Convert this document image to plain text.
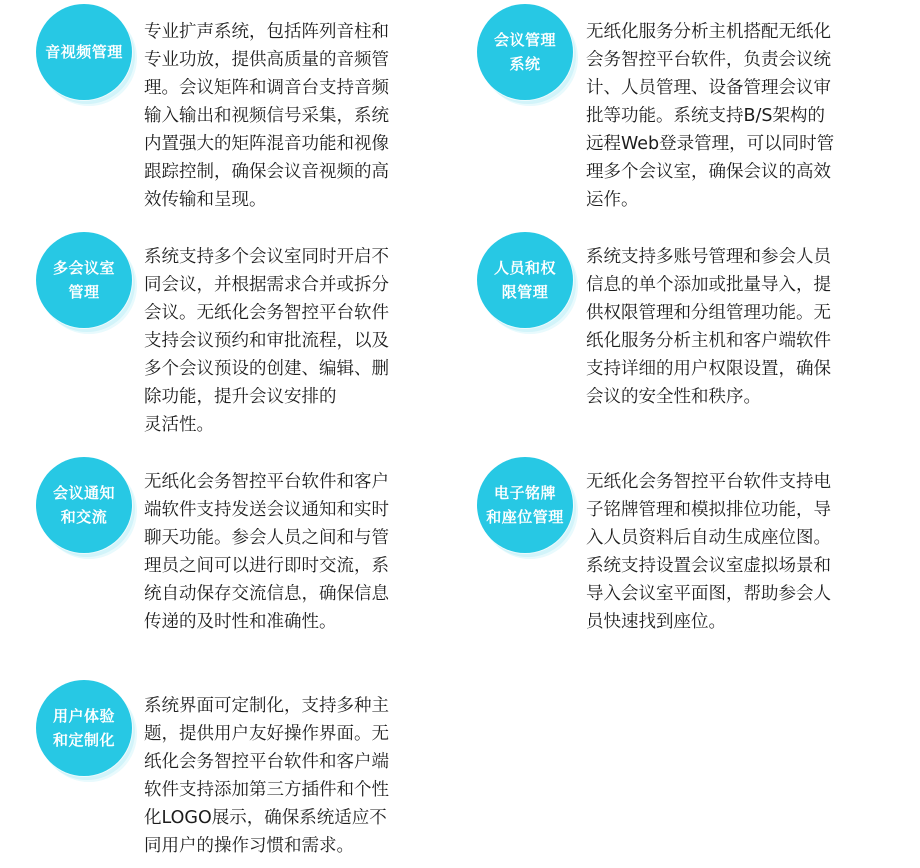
音视频管理

专业扩声系统，包括阵列音柱和
专业功放，提供高质量的音频管
理。会议矩阵和调音台支持音频
输入输出和视频信号采集，系统
内置强大的矩阵混音功能和视像
跟踪控制，确保会议音视频的高
效传输和呈现。

会议管理
系统

无纸化服务分析主机搭配无纸化
会务智控平台软件，负责会议统
计、人员管理、设备管理会议审
批等功能。系统支持B/S架构的
远程Web登录管理，可以同时管
理多个会议室，确保会议的高效
运作。

多会议室
管理

系统支持多个会议室同时开启不
同会议，并根据需求合并或拆分
会议。无纸化会务智控平台软件
支持会议预约和审批流程，以及
多个会议预设的创建、编辑、删
除功能，提升会议安排的
灵活性。

人员和权
限管理

系统支持多账号管理和参会人员
信息的单个添加或批量导入，提
供权限管理和分组管理功能。无
纸化服务分析主机和客户端软件
支持详细的用户权限设置，确保
会议的安全性和秩序。

会议通知
和交流

无纸化会务智控平台软件和客户
端软件支持发送会议通知和实时
聊天功能。参会人员之间和与管
理员之间可以进行即时交流，系
统自动保存交流信息，确保信息
传递的及时性和准确性。

电子铭牌
和座位管理

无纸化会务智控平台软件支持电
子铭牌管理和模拟排位功能，导
入人员资料后自动生成座位图。
系统支持设置会议室虚拟场景和
导入会议室平面图，帮助参会人
员快速找到座位。

用户体验
和定制化

系统界面可定制化，支持多种主
题，提供用户友好操作界面。无
纸化会务智控平台软件和客户端
软件支持添加第三方插件和个性
化LOGO展示，确保系统适应不
同用户的操作习惯和需求。
